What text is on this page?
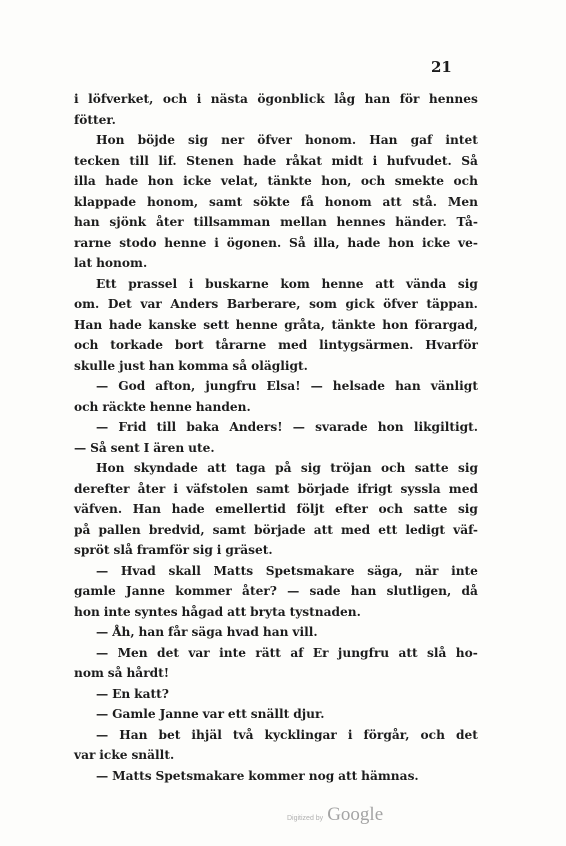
21
i löfverket, och i nästa ögonblick låg han för hennes
fötter.
Hon böjde sig ner öfver honom. Han gaf intet
tecken till lif. Stenen hade råkat midt i hufvudet. Så
illa hade hon icke velat, tänkte hon, och smekte och
klappade honom, samt sökte få honom att stå. Men
han sjönk åter tillsamman mellan hennes händer. Tå-
rarne stodo henne i ögonen. Så illa, hade hon icke ve-
lat honom.
Ett prassel i buskarne kom henne att vända sig
om. Det var Anders Barberare, som gick öfver täppan.
Han hade kanske sett henne gråta, tänkte hon förargad,
och torkade bort tårarne med lintygsärmen. Hvarför
skulle just han komma så olägligt.
— God afton, jungfru Elsa! — helsade han vänligt
och räckte henne handen.
— Frid till baka Anders! — svarade hon likgiltigt.
— Så sent I ären ute.
Hon skyndade att taga på sig tröjan och satte sig
derefter åter i väfstolen samt började ifrigt syssla med
väfven. Han hade emellertid följt efter och satte sig
på pallen bredvid, samt började att med ett ledigt väf-
spröt slå framför sig i gräset.
— Hvad skall Matts Spetsmakare säga, när inte
gamle Janne kommer åter? — sade han slutligen, då
hon inte syntes hågad att bryta tystnaden.
— Åh, han får säga hvad han vill.
— Men det var inte rätt af Er jungfru att slå ho-
nom så hårdt!
— En katt?
— Gamle Janne var ett snällt djur.
— Han bet ihjäl två kycklingar i förgår, och det
var icke snällt.
— Matts Spetsmakare kommer nog att hämnas.
Digitized by Google
